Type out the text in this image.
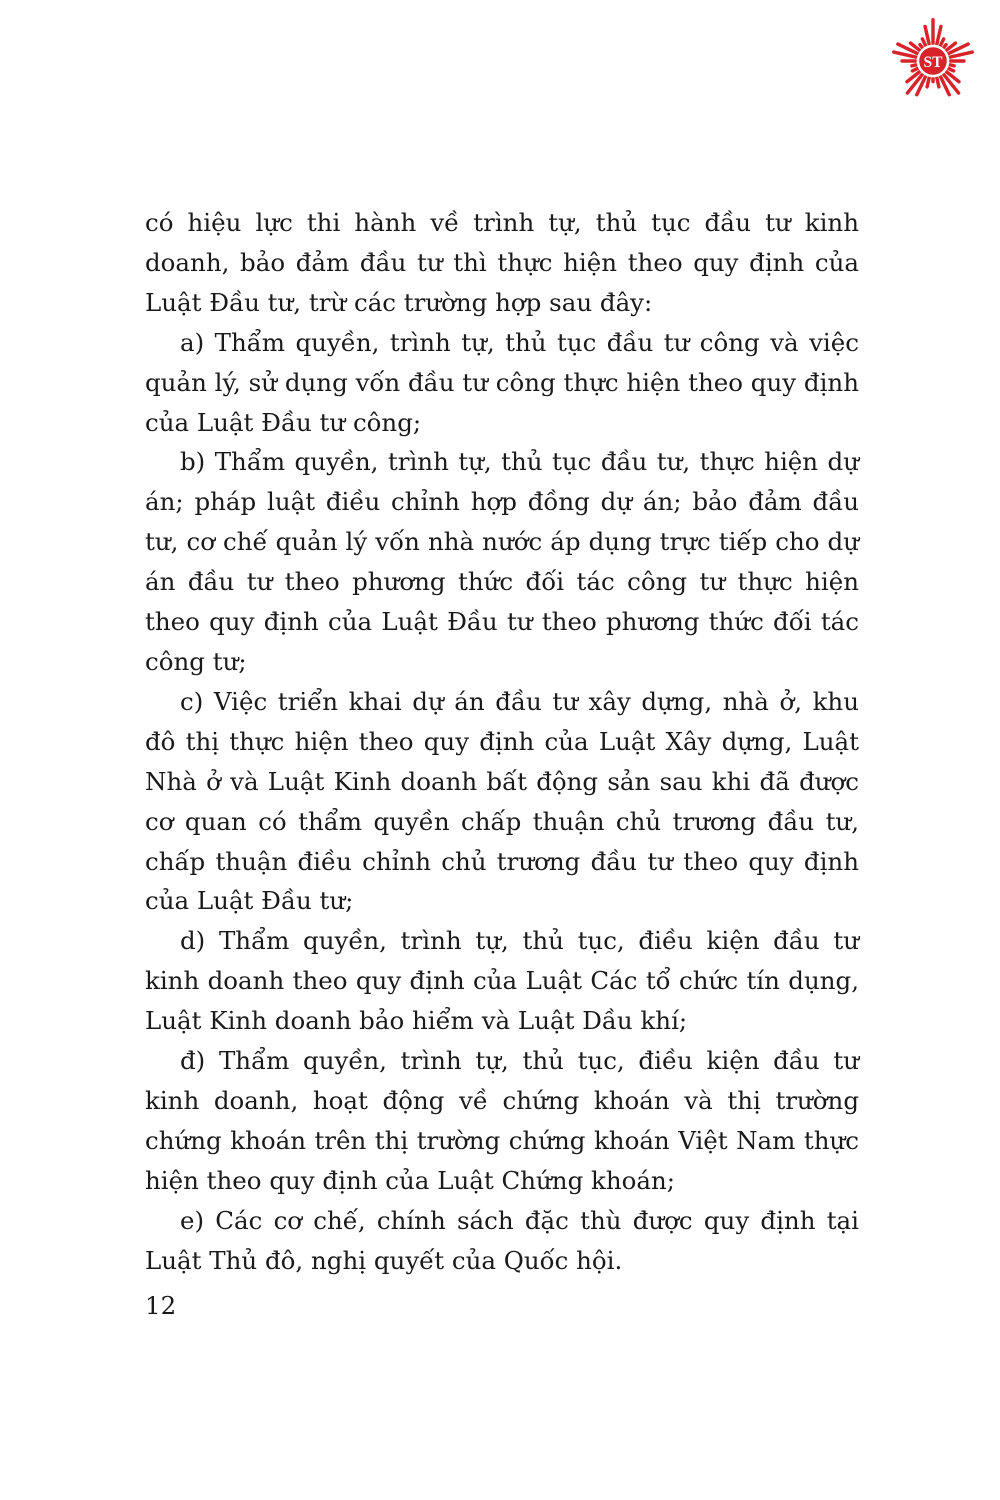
ST

có hiệu lực thi hành về trình tự, thủ tục đầu tư kinh doanh, bảo đảm đầu tư thì thực hiện theo quy định của Luật Đầu tư, trừ các trường hợp sau đây:

a) Thẩm quyền, trình tự, thủ tục đầu tư công và việc quản lý, sử dụng vốn đầu tư công thực hiện theo quy định của Luật Đầu tư công;

b) Thẩm quyền, trình tự, thủ tục đầu tư, thực hiện dự án; pháp luật điều chỉnh hợp đồng dự án; bảo đảm đầu tư, cơ chế quản lý vốn nhà nước áp dụng trực tiếp cho dự án đầu tư theo phương thức đối tác công tư thực hiện theo quy định của Luật Đầu tư theo phương thức đối tác công tư;

c) Việc triển khai dự án đầu tư xây dựng, nhà ở, khu đô thị thực hiện theo quy định của Luật Xây dựng, Luật Nhà ở và Luật Kinh doanh bất động sản sau khi đã được cơ quan có thẩm quyền chấp thuận chủ trương đầu tư, chấp thuận điều chỉnh chủ trương đầu tư theo quy định của Luật Đầu tư;

d) Thẩm quyền, trình tự, thủ tục, điều kiện đầu tư kinh doanh theo quy định của Luật Các tổ chức tín dụng, Luật Kinh doanh bảo hiểm và Luật Dầu khí;

đ) Thẩm quyền, trình tự, thủ tục, điều kiện đầu tư kinh doanh, hoạt động về chứng khoán và thị trường chứng khoán trên thị trường chứng khoán Việt Nam thực hiện theo quy định của Luật Chứng khoán;

e) Các cơ chế, chính sách đặc thù được quy định tại Luật Thủ đô, nghị quyết của Quốc hội.

12
